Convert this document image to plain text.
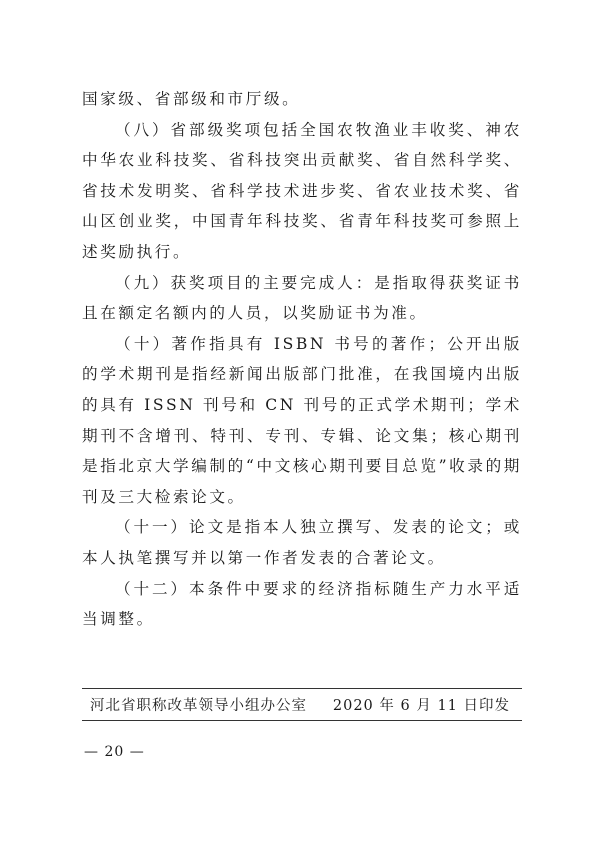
国家级、省部级和市厅级。

（八）省部级奖项包括全国农牧渔业丰收奖、神农中华农业科技奖、省科技突出贡献奖、省自然科学奖、省技术发明奖、省科学技术进步奖、省农业技术奖、省山区创业奖，中国青年科技奖、省青年科技奖可参照上述奖励执行。

（九）获奖项目的主要完成人：是指取得获奖证书且在额定名额内的人员，以奖励证书为准。

（十）著作指具有 ISBN 书号的著作；公开出版的学术期刊是指经新闻出版部门批准，在我国境内出版的具有 ISSN 刊号和 CN 刊号的正式学术期刊；学术期刊不含增刊、特刊、专刊、专辑、论文集；核心期刊是指北京大学编制的“中文核心期刊要目总览”收录的期刊及三大检索论文。

（十一）论文是指本人独立撰写、发表的论文；或本人执笔撰写并以第一作者发表的合著论文。

（十二）本条件中要求的经济指标随生产力水平适当调整。

河北省职称改革领导小组办公室 2020 年 6 月 11 日印发
— 20 —
